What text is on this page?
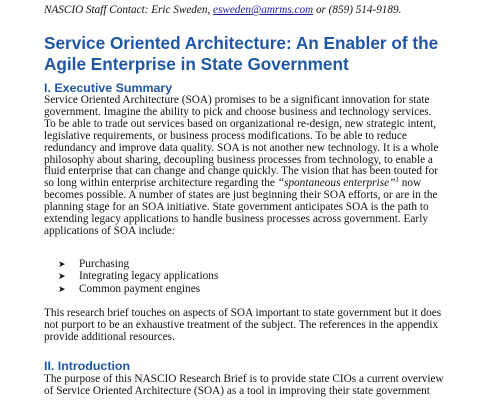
NASCIO Staff Contact: Eric Sweden, esweden@amrms.com or (859) 514-9189.
Service Oriented Architecture: An Enabler of the
Agile Enterprise in State Government
I. Executive Summary
Service Oriented Architecture (SOA) promises to be a significant innovation for state
government. Imagine the ability to pick and choose business and technology services.
To be able to trade out services based on organizational re-design, new strategic intent,
legislative requirements, or business process modifications. To be able to reduce
redundancy and improve data quality. SOA is not another new technology. It is a whole
philosophy about sharing, decoupling business processes from technology, to enable a
fluid enterprise that can change and change quickly. The vision that has been touted for
so long within enterprise architecture regarding the “spontaneous enterprise”$^1$ now
becomes possible. A number of states are just beginning their SOA efforts, or are in the
planning stage for an SOA initiative. State government anticipates SOA is the path to
extending legacy applications to handle business processes across government. Early
applications of SOA include:
➤ Purchasing
➤ Integrating legacy applications
➤ Common payment engines
This research brief touches on aspects of SOA important to state government but it does
not purport to be an exhaustive treatment of the subject. The references in the appendix
provide additional resources.
II. Introduction
The purpose of this NASCIO Research Brief is to provide state CIOs a current overview
of Service Oriented Architecture (SOA) as a tool in improving their state government
